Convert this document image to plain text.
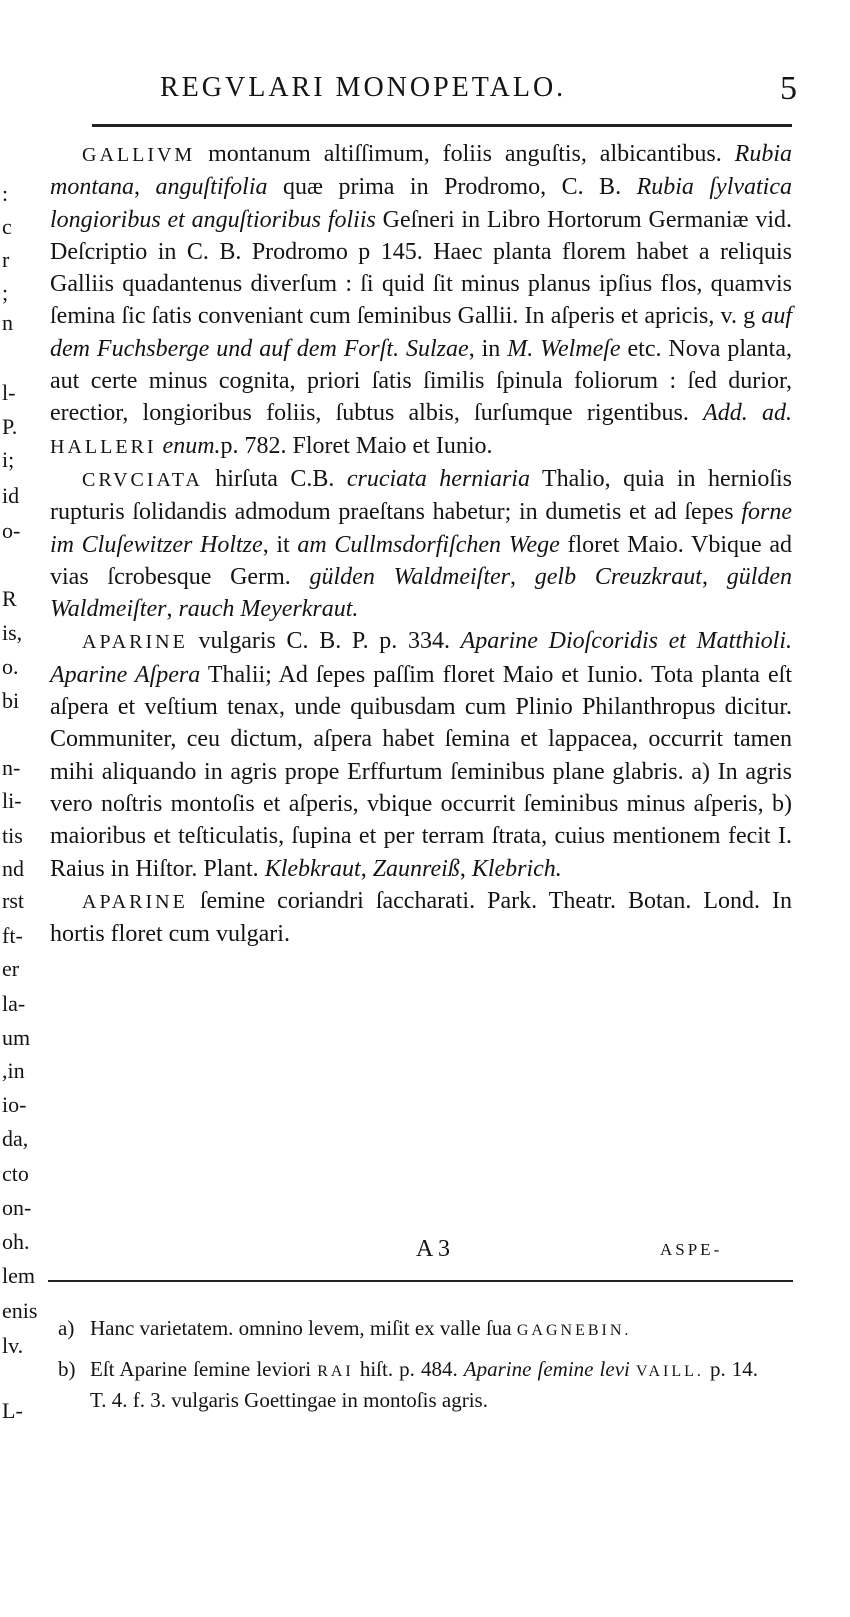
:
c
r
;
n
l-
P.
i;
id
o-
R
is,
o.
bi
n-
li-
tis
nd
rst
ft-
er
la-
um
,in
io-
da,
cto
on-
oh.
lem
enis
lv.
L-
REGVLARI MONOPETALO.	5

GALLIVM montanum altiſſimum, foliis anguſtis, albicantibus. Rubia montana, anguſtifolia quæ prima in Prodromo, C. B. Rubia ſylvatica longioribus et anguſtioribus foliis Geſneri in Libro Hortorum Germaniæ vid. Deſcriptio in C. B. Prodromo p 145. Haec planta florem habet a reliquis Galliis quadantenus diverſum : ſi quid ſit minus planus ipſius flos, quamvis ſemina ſic ſatis conveniant cum ſeminibus Gallii. In aſperis et apricis, v. g auf dem Fuchsberge und auf dem Forſt. Sulzae, in M. Welmeſe etc. Nova planta, aut certe minus cognita, priori ſatis ſimilis ſpinula foliorum : ſed durior, erectior, longioribus foliis, ſubtus albis, ſurſumque rigentibus. Add. ad. HALLERI enum.p. 782. Floret Maio et Iunio.

CRVCIATA hirſuta C.B. cruciata herniaria Thalio, quia in hernioſis rupturis ſolidandis admodum praeſtans habetur; in dumetis et ad ſepes forne im Cluſewitzer Holtze, it am Cullmsdorfiſchen Wege floret Maio. Vbique ad vias ſcrobesque Germ. gülden Waldmeiſter, gelb Creuzkraut, gülden Waldmeiſter, rauch Meyerkraut.

APARINE vulgaris C. B. P. p. 334. Aparine Dioſcoridis et Matthioli. Aparine Aſpera Thalii; Ad ſepes paſſim floret Maio et Iunio. Tota planta eſt aſpera et veſtium tenax, unde quibusdam cum Plinio Philanthropus dicitur. Communiter, ceu dictum, aſpera habet ſemina et lappacea, occurrit tamen mihi aliquando in agris prope Erffurtum ſeminibus plane glabris. a) In agris vero noſtris montoſis et aſperis, vbique occurrit ſeminibus minus aſperis, b) maioribus et teſticulatis, ſupina et per terram ſtrata, cuius mentionem fecit I. Raius in Hiſtor. Plant. Klebkraut, Zaunreiß, Klebrich.

APARINE ſemine coriandri ſaccharati. Park. Theatr. Botan. Lond. In hortis floret cum vulgari.

A 3	ASPE-
a) Hanc varietatem. omnino levem, miſit ex valle ſua GAGNEBIN.
b) Eſt Aparine ſemine leviori RAI hiſt. p. 484. Aparine ſemine levi VAILL. p. 14. T. 4. f. 3. vulgaris Goettingae in montoſis agris.
